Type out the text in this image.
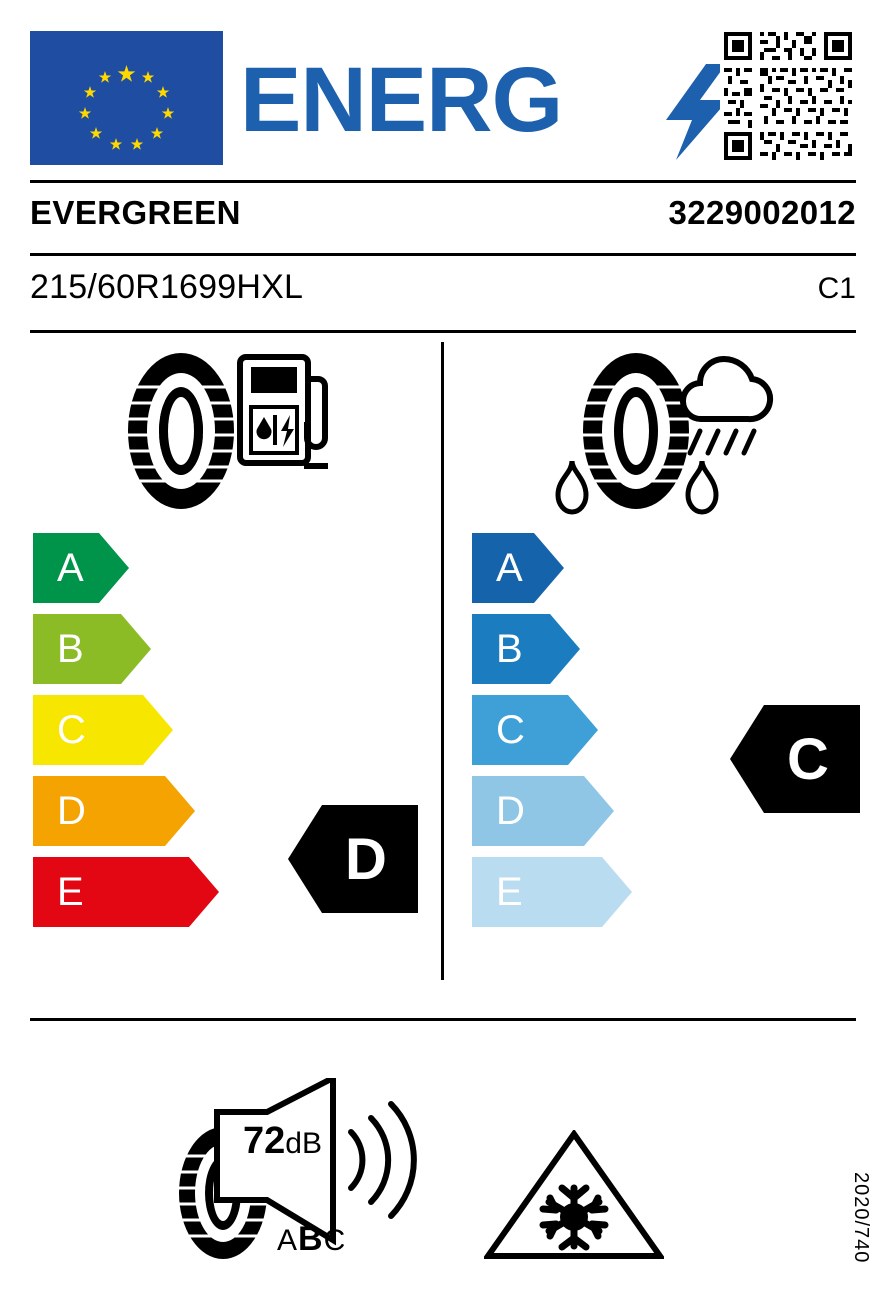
ENERG
EVERGREEN	3229002012
215/60R1699HXL	C1
A
B
C
D
E
A
B
C
D
E
D
C
72dB
ABC	2020/740
